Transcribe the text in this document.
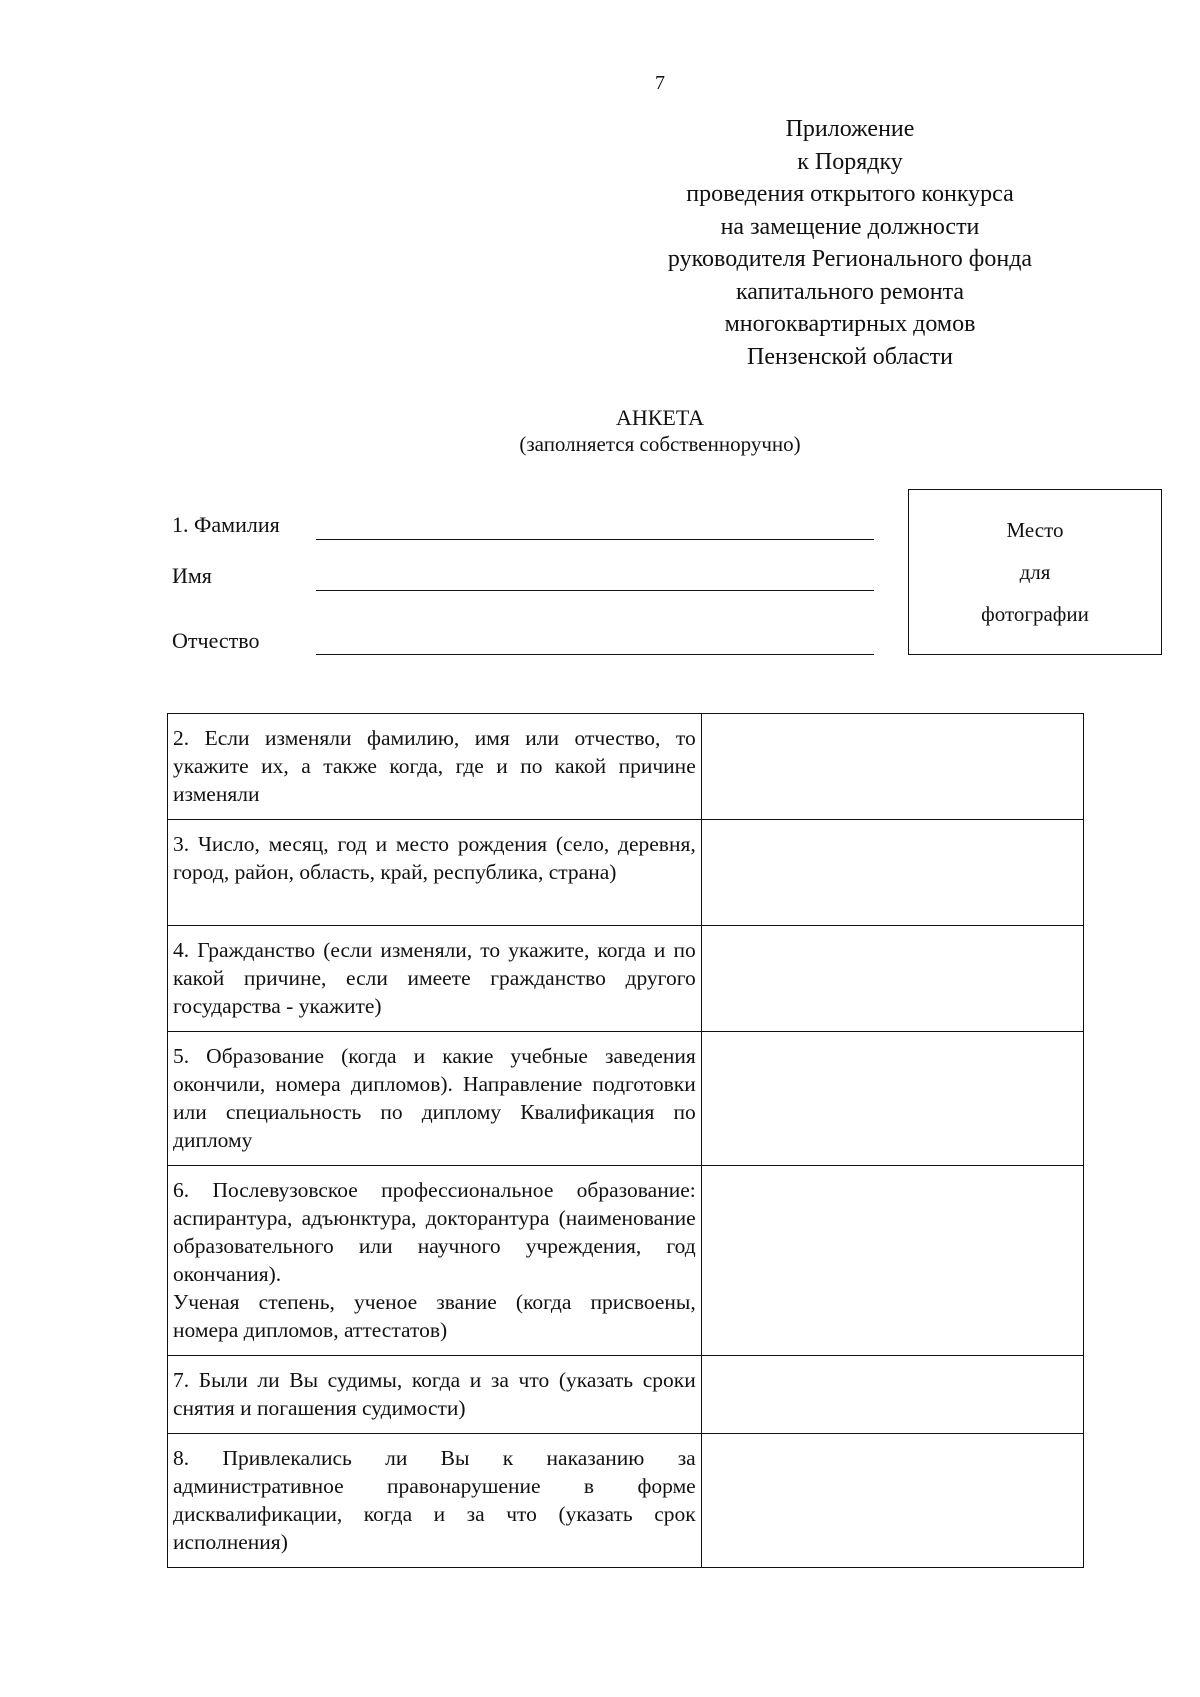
7
Приложение
к Порядку
проведения открытого конкурса
на замещение должности
руководителя Регионального фонда
капитального ремонта
многоквартирных домов
Пензенской области
АНКЕТА
(заполняется собственноручно)
1. Фамилия
Имя
Отчество
Место
для
фотографии
2. Если изменяли фамилию, имя или отчество, то укажите их, а также когда, где и по какой причине изменяли	
3. Число, месяц, год и место рождения (село, деревня, город, район, область, край, республика, страна)	
4. Гражданство (если изменяли, то укажите, когда и по какой причине, если имеете гражданство другого государства - укажите)	
5. Образование (когда и какие учебные заведения окончили, номера дипломов). Направление подготовки или специальность по диплому Квалификация по диплому	

6. Послевузовское профессиональное образование: аспирантура, адъюнктура, докторантура (наименование образовательного или научного учреждения, год окончания).
Ученая степень, ученое звание (когда присвоены, номера дипломов, аттестатов)	

7. Были ли Вы судимы, когда и за что (указать сроки снятия и погашения судимости)	
8. Привлекались ли Вы к наказанию за административное правонарушение в форме дисквалификации, когда и за что (указать срок исполнения)	
